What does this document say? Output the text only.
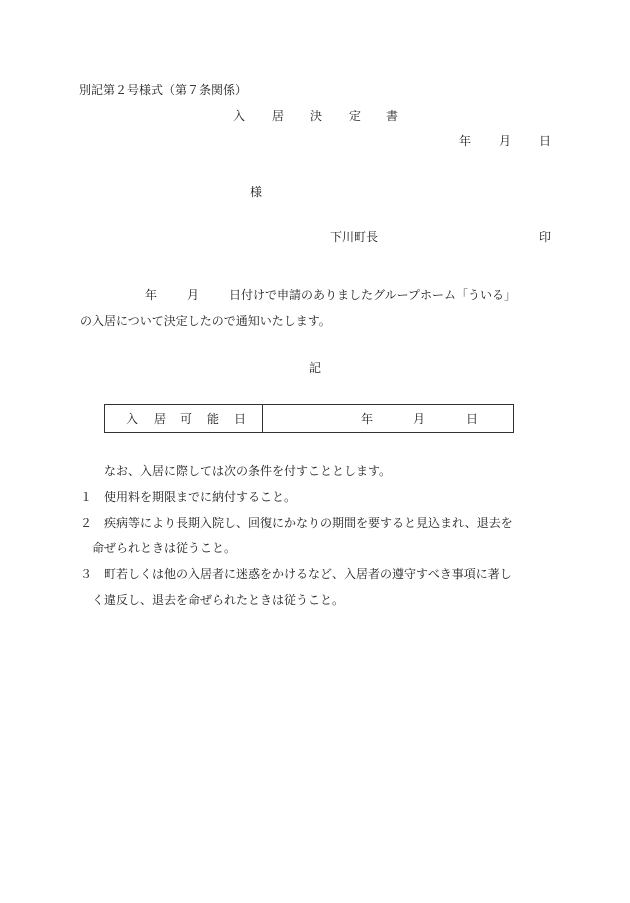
別記第２号様式（第７条関係）
入 居 決 定 書
年 月 日
様
下川町長	印
年 月 日付けで申請のありましたグループホーム「ういる」
の入居について決定したので通知いたします。
記
入 居 可 能 日	年	月	日
なお、入居に際しては次の条件を付すこととします。
１ 使用料を期限までに納付すること。
２ 疾病等により長期入院し、回復にかなりの期間を要すると見込まれ、退去を
命ぜられときは従うこと。
３ 町若しくは他の入居者に迷惑をかけるなど、入居者の遵守すべき事項に著し
く違反し、退去を命ぜられたときは従うこと。
